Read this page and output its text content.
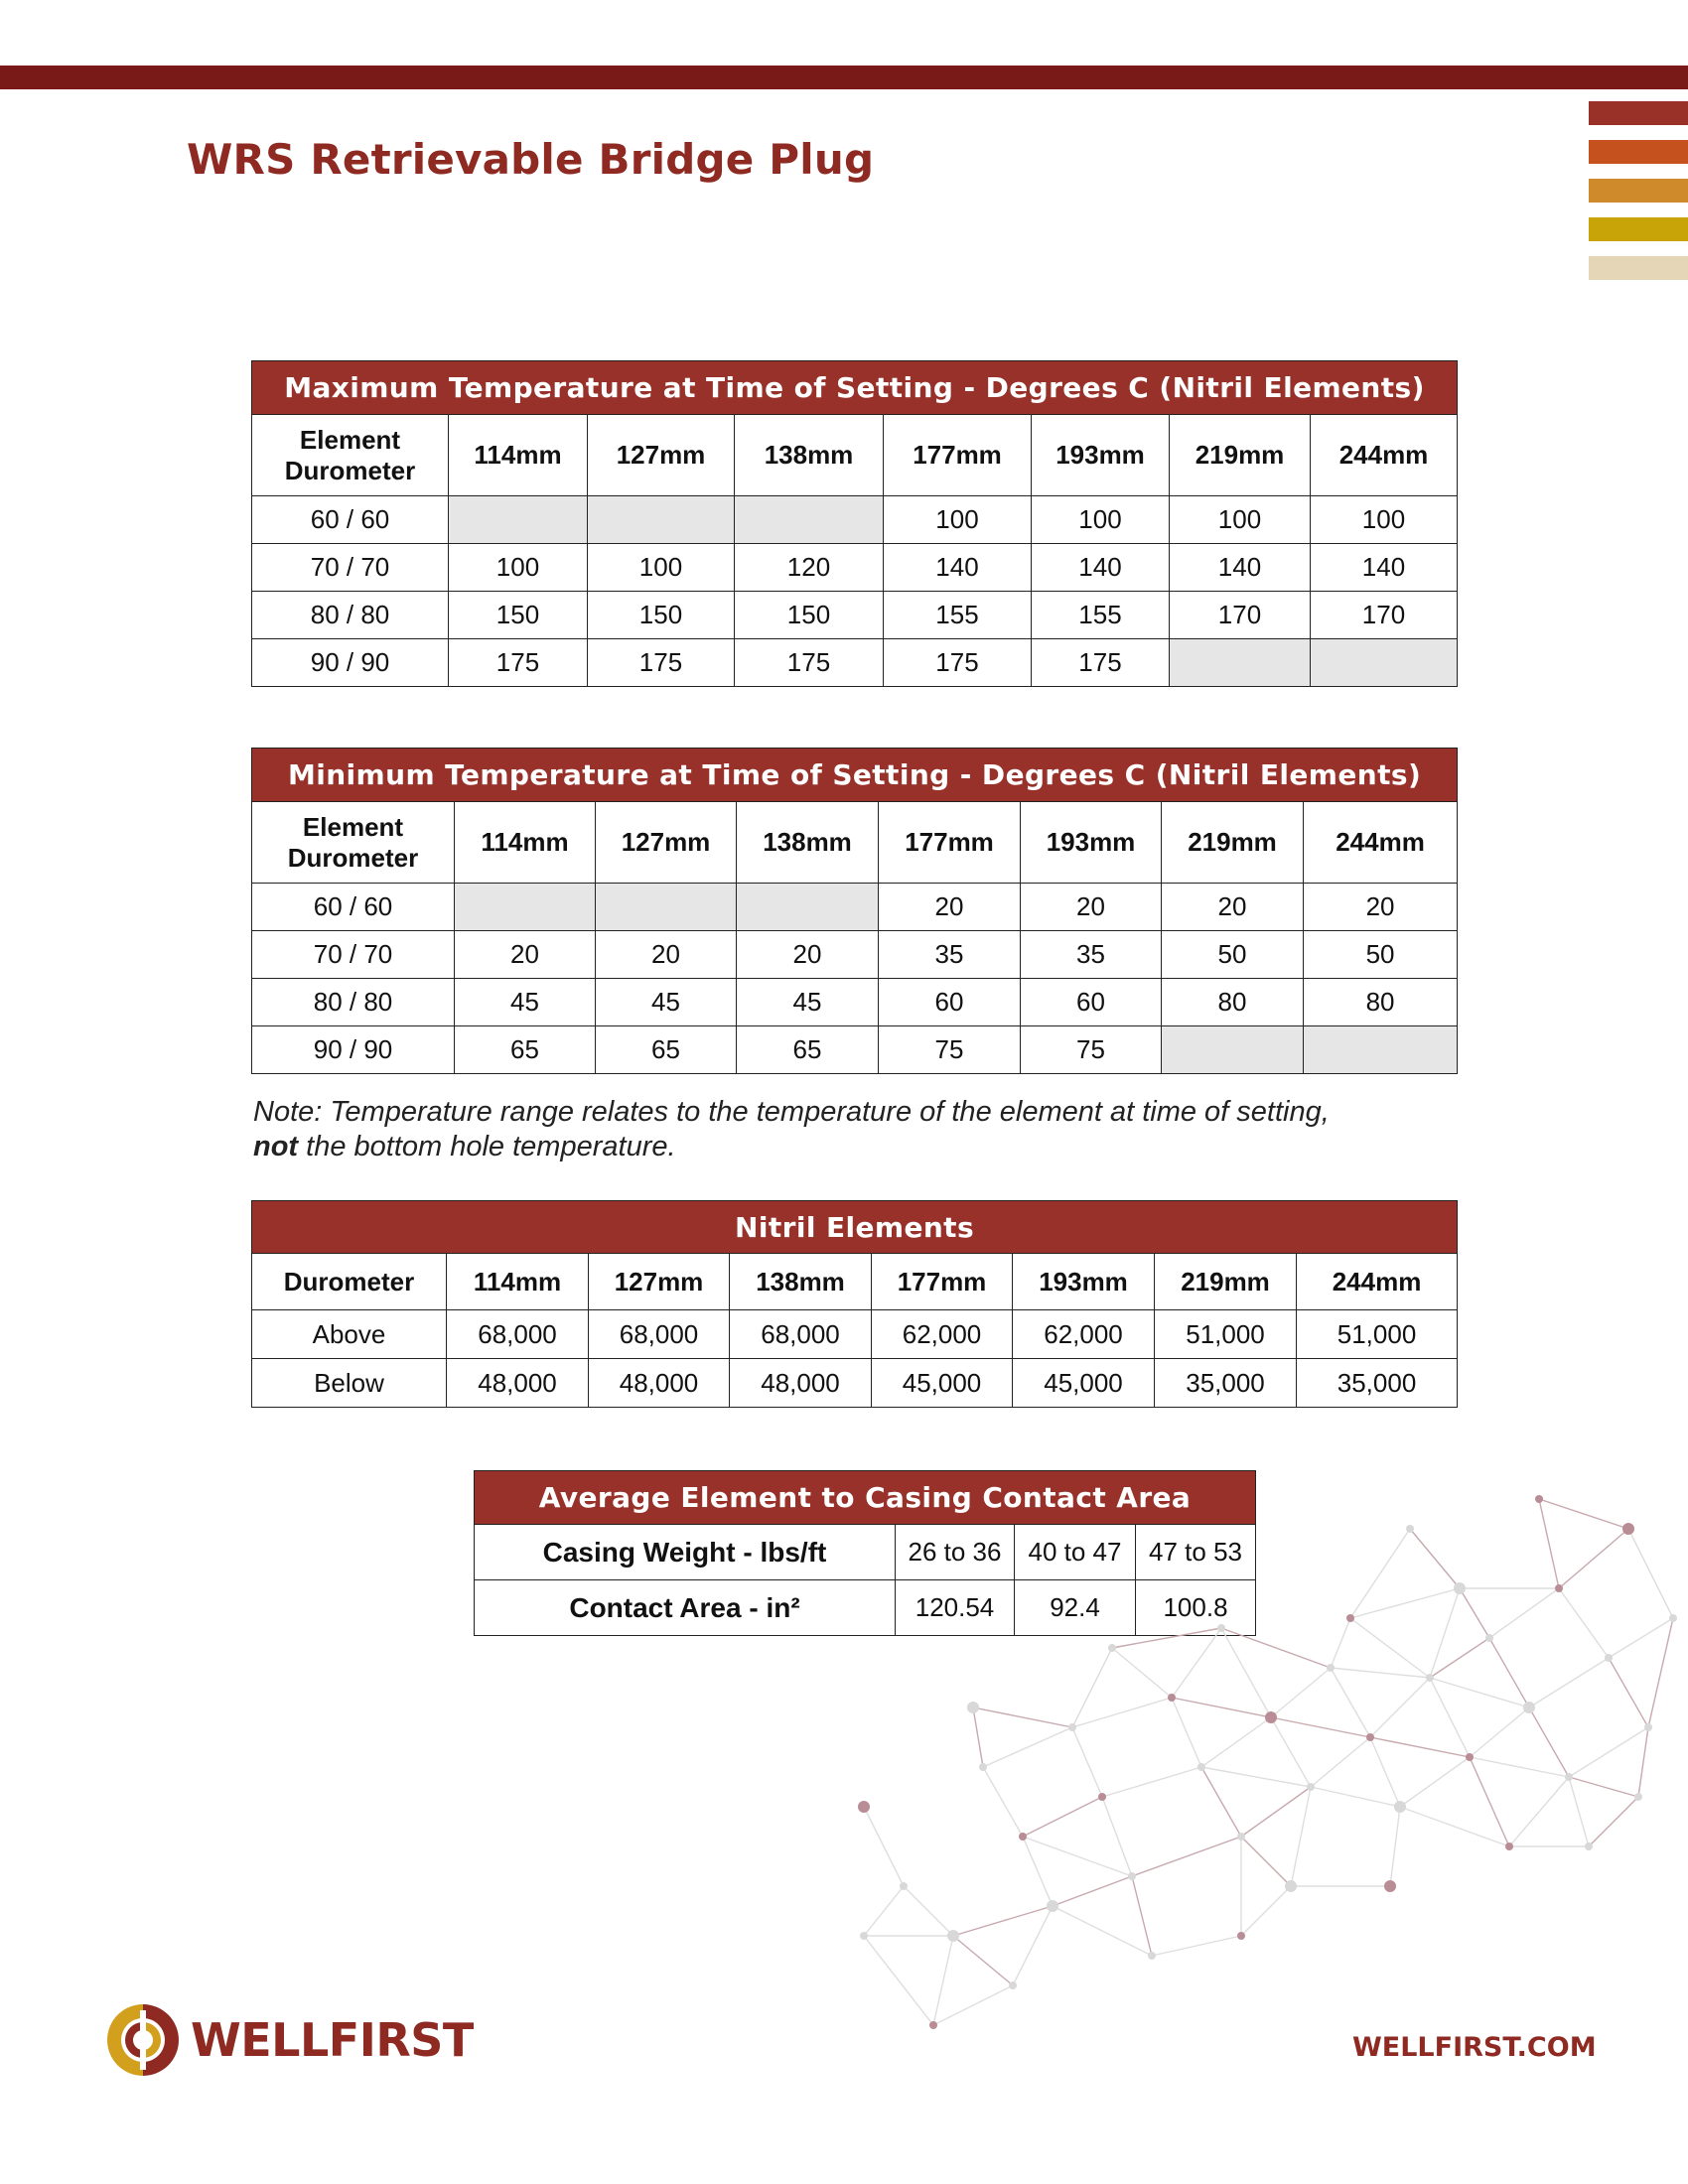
WRS Retrievable Bridge Plug
Maximum Temperature at Time of Setting - Degrees C (Nitril Elements)							
Element
Durometer	114mm	127mm	138mm	177mm	193mm	219mm	244mm
60 / 60				100	100	100	100
70 / 70	100	100	120	140	140	140	140
80 / 80	150	150	150	155	155	170	170
90 / 90	175	175	175	175	175		
Minimum Temperature at Time of Setting - Degrees C (Nitril Elements)							
Element
Durometer	114mm	127mm	138mm	177mm	193mm	219mm	244mm
60 / 60				20	20	20	20
70 / 70	20	20	20	35	35	50	50
80 / 80	45	45	45	60	60	80	80
90 / 90	65	65	65	75	75		

Note: Temperature range relates to the temperature of the element at time of setting,
not the bottom hole temperature.

Nitril Elements							
Durometer	114mm	127mm	138mm	177mm	193mm	219mm	244mm
Above	68,000	68,000	68,000	62,000	62,000	51,000	51,000
Below	48,000	48,000	48,000	45,000	45,000	35,000	35,000
Average Element to Casing Contact Area			
Casing Weight - lbs/ft	26 to 36	40 to 47	47 to 53
Contact Area - in²	120.54	92.4	100.8

WELLFIRST	WELLFIRST.COM
